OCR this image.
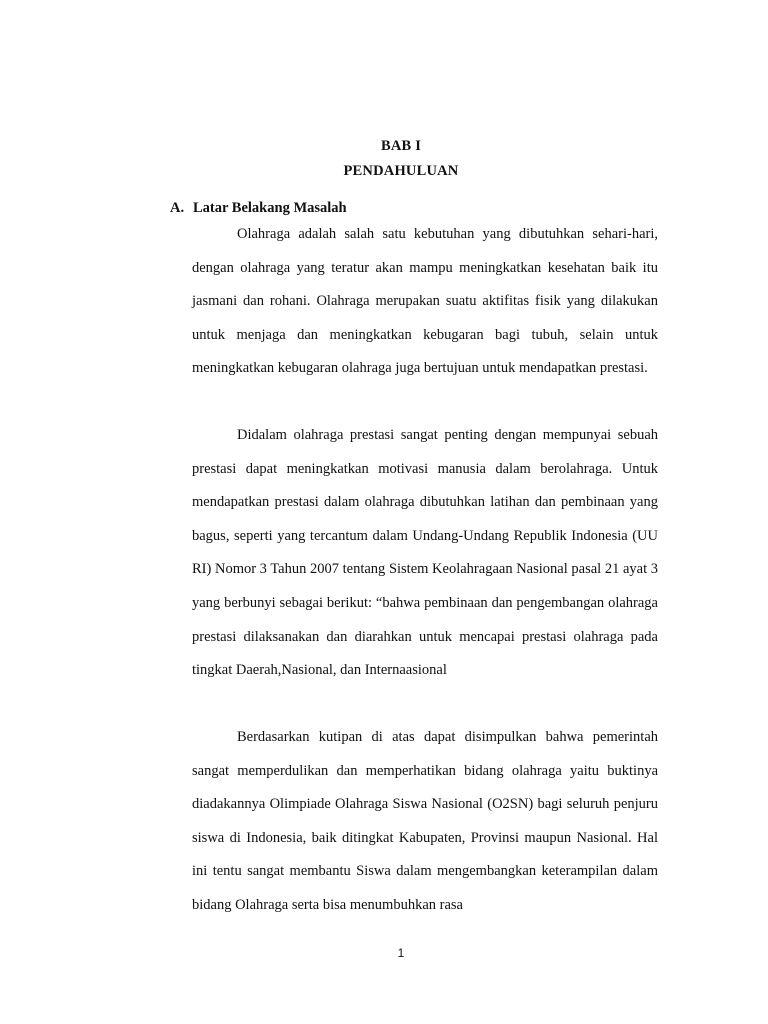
BAB I
PENDAHULUAN
A. Latar Belakang Masalah

Olahraga adalah salah satu kebutuhan yang dibutuhkan sehari-hari, dengan olahraga yang teratur akan mampu meningkatkan kesehatan baik itu jasmani dan rohani. Olahraga merupakan suatu aktifitas fisik yang dilakukan untuk menjaga dan meningkatkan kebugaran bagi tubuh, selain untuk meningkatkan kebugaran olahraga juga bertujuan untuk mendapatkan prestasi.

Didalam olahraga prestasi sangat penting dengan mempunyai sebuah prestasi dapat meningkatkan motivasi manusia dalam berolahraga. Untuk mendapatkan prestasi dalam olahraga dibutuhkan latihan dan pembinaan yang bagus, seperti yang tercantum dalam Undang-Undang Republik Indonesia (UU RI) Nomor 3 Tahun 2007 tentang Sistem Keolahragaan Nasional pasal 21 ayat 3 yang berbunyi sebagai berikut: “bahwa pembinaan dan pengembangan olahraga prestasi dilaksanakan dan diarahkan untuk mencapai prestasi olahraga pada tingkat Daerah,Nasional, dan Internaasional

Berdasarkan kutipan di atas dapat disimpulkan bahwa pemerintah sangat memperdulikan dan memperhatikan bidang olahraga yaitu buktinya diadakannya Olimpiade Olahraga Siswa Nasional (O2SN) bagi seluruh penjuru siswa di Indonesia, baik ditingkat Kabupaten, Provinsi maupun Nasional. Hal ini tentu sangat membantu Siswa dalam mengembangkan keterampilan dalam bidang Olahraga serta bisa menumbuhkan rasa

1
